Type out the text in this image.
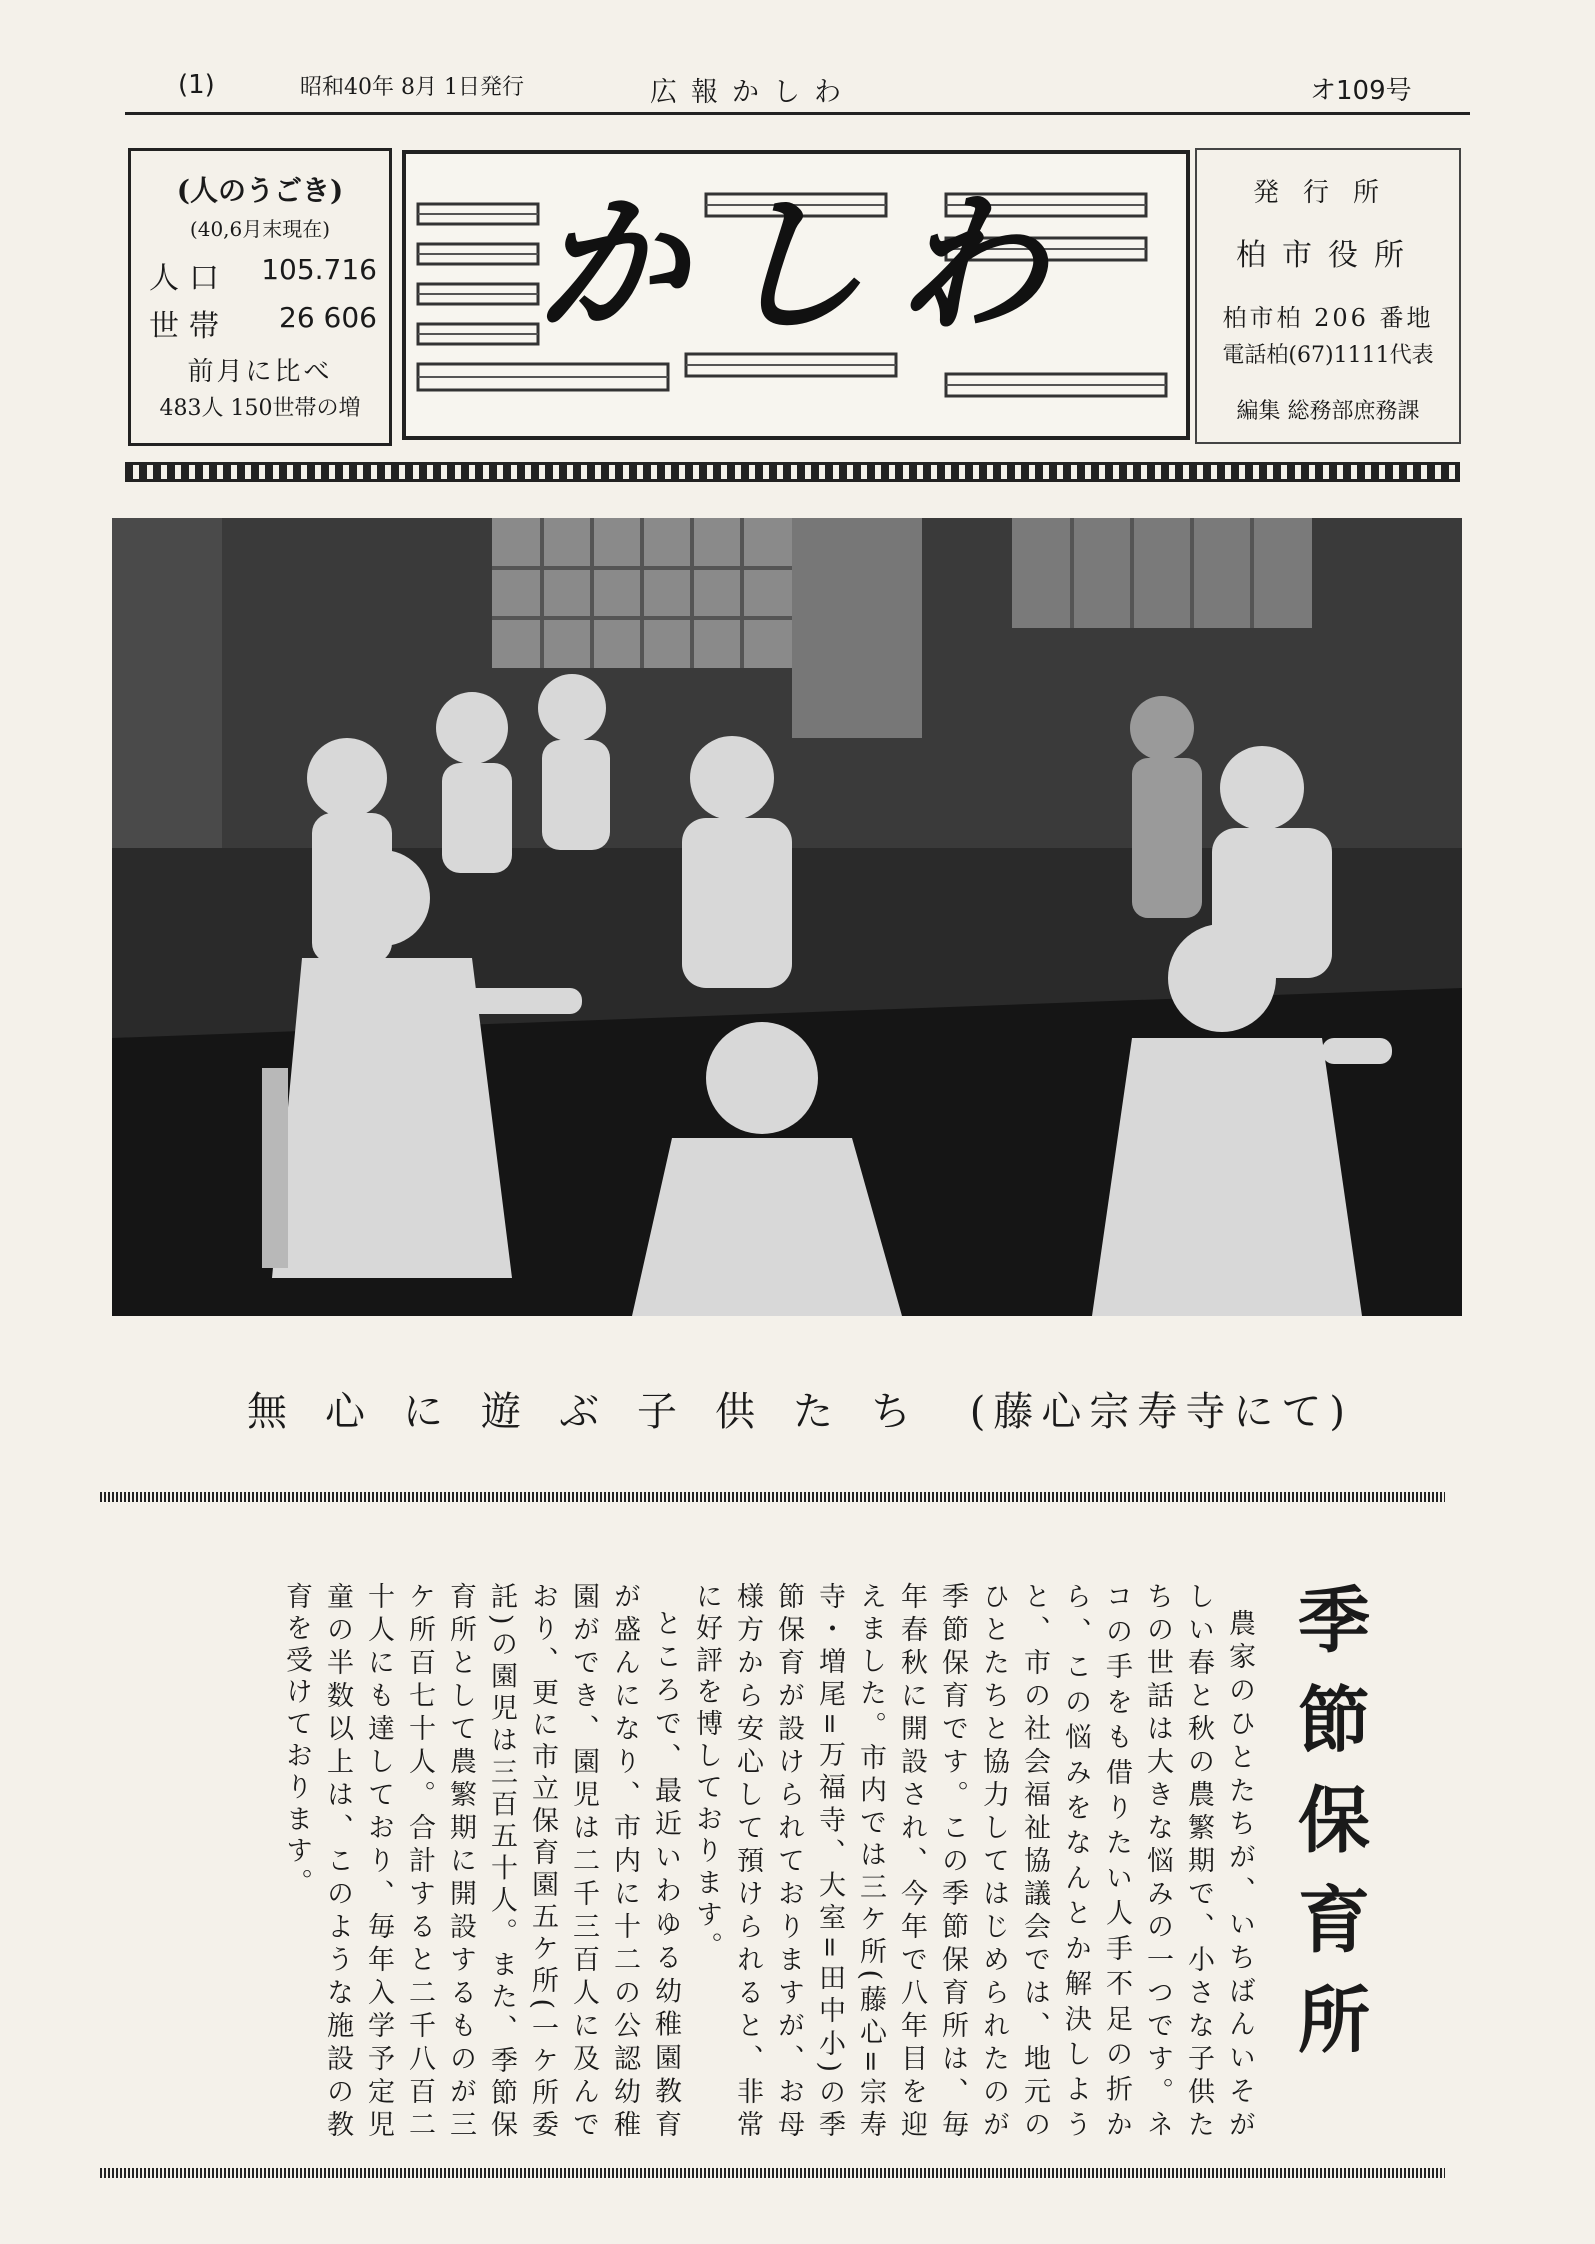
(1)	昭和40年 8月 1日発行	広報かしわ	オ109号
(人のうごき)
(40,6月末現在)
人口 105.716
世帯 26 606
前月に比べ
483人 150世帯の増
かしわ	発行所
柏市役所
柏市柏 206 番地
電話柏(67)1111代表
編集 総務部庶務課
無心に遊ぶ子供たち (藤心宗寿寺にて)
季節保育所

農家のひとたちが、いちばんいそがしい春と秋の農繁期で、小さな子供たちの世話は大きな悩みの一つです。ネコの手をも借りたい人手不足の折から、この悩みをなんとか解決しようと、市の社会福祉協議会では、地元のひとたちと協力してはじめられたのが季節保育です。この季節保育所は、毎年春秋に開設され、今年で八年目を迎えました。市内では三ケ所(藤心=宗寿寺・増尾=万福寺、大室=田中小)の季節保育が設けられておりますが、お母様方から安心して預けられると、非常に好評を博しております。

ところで、最近いわゆる幼稚園教育が盛んになり、市内に十二の公認幼稚園ができ、園児は二千三百人に及んでおり、更に市立保育園五ケ所(一ケ所委託)の園児は三百五十人。また、季節保育所として農繁期に開設するものが三ケ所百七十人。合計すると二千八百二十人にも達しており、毎年入学予定児童の半数以上は、このような施設の教育を受けております。
